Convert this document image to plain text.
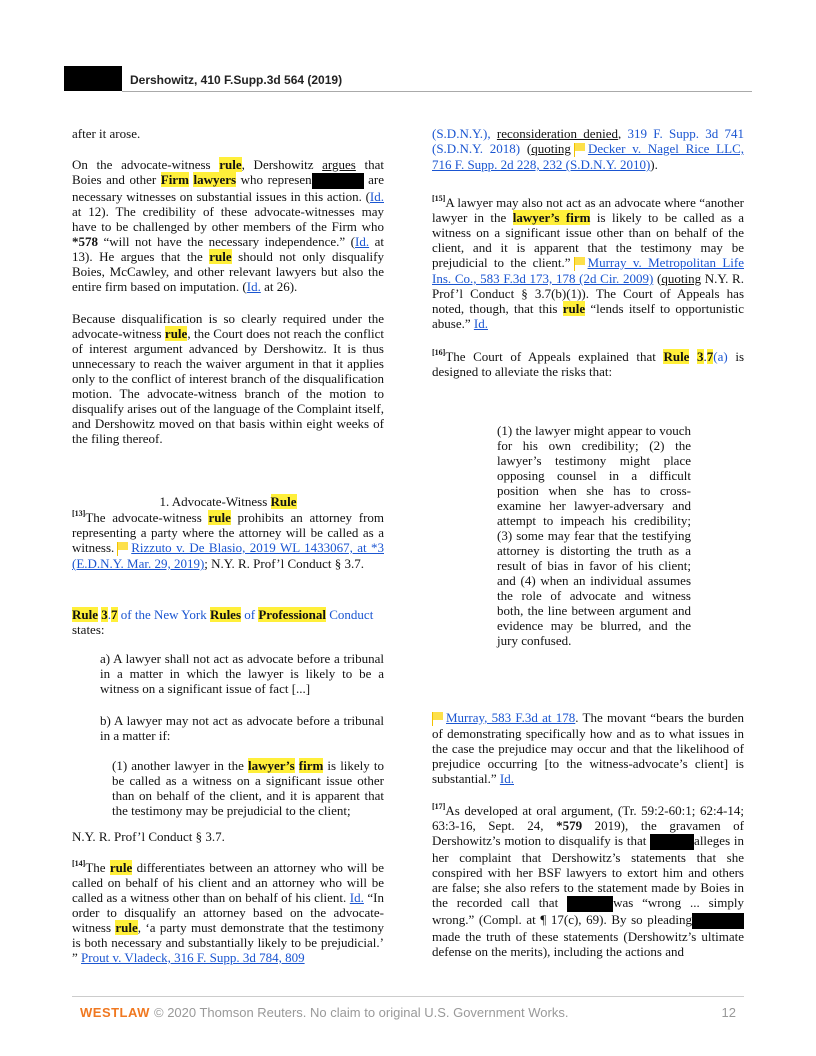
Dershowitz, 410 F.Supp.3d 564 (2019)

after it arose.

On the advocate-witness rule, Dershowitz argues that Boies and other Firm lawyers who represen	are necessary witnesses on substantial issues in this action. (Id. at 12). The credibility of these advocate-witnesses may have to be challenged by other members of the Firm who *578 “will not have the necessary independence.” (Id. at 13). He argues that the rule should not only disqualify Boies, McCawley, and other relevant lawyers but also the entire firm based on imputation. (Id. at 26).

Because disqualification is so clearly required under the advocate-witness rule, the Court does not reach the conflict of interest argument advanced by Dershowitz. It is thus unnecessary to reach the waiver argument in that it applies only to the conflict of interest branch of the disqualification motion. The advocate-witness branch of the motion to disqualify arises out of the language of the Complaint itself, and Dershowitz moved on that basis within eight weeks of the filing thereof.

1. Advocate-Witness Rule

[13]The advocate-witness rule prohibits an attorney from representing a party where the attorney will be called as a witness. Rizzuto v. De Blasio, 2019 WL 1433067, at *3 (E.D.N.Y. Mar. 29, 2019); N.Y. R. Prof’l Conduct § 3.7.

Rule 3.7 of the New York Rules of Professional Conduct
states:

a) A lawyer shall not act as advocate before a tribunal in a matter in which the lawyer is likely to be a witness on a significant issue of fact [...]

b) A lawyer may not act as advocate before a tribunal in a matter if:

(1) another lawyer in the lawyer’s firm is likely to be called as a witness on a significant issue other than on behalf of the client, and it is apparent that the testimony may be prejudicial to the client;

N.Y. R. Prof’l Conduct § 3.7.

[14]The rule differentiates between an attorney who will be called on behalf of his client and an attorney who will be called as a witness other than on behalf of his client. Id. “In order to disqualify an attorney based on the advocate-witness rule, ‘a party must demonstrate that the testimony is both necessary and substantially likely to be prejudicial.’ ” Prout v. Vladeck, 316 F. Supp. 3d 784, 809

(S.D.N.Y.), reconsideration denied, 319 F. Supp. 3d 741 (S.D.N.Y. 2018) (quoting Decker v. Nagel Rice LLC, 716 F. Supp. 2d 228, 232 (S.D.N.Y. 2010)).

[15]A lawyer may also not act as an advocate where “another lawyer in the lawyer’s firm is likely to be called as a witness on a significant issue other than on behalf of the client, and it is apparent that the testimony may be prejudicial to the client.” Murray v. Metropolitan Life Ins. Co., 583 F.3d 173, 178 (2d Cir. 2009) (quoting N.Y. R. Prof’l Conduct § 3.7(b)(1)). The Court of Appeals has noted, though, that this rule “lends itself to opportunistic abuse.” Id.

[16]The Court of Appeals explained that Rule 3.7(a) is designed to alleviate the risks that:

(1) the lawyer might appear to vouch for his own credibility; (2) the lawyer’s testimony might place opposing counsel in a difficult position when she has to cross-examine her lawyer-adversary and attempt to impeach his credibility; (3) some may fear that the testifying attorney is distorting the truth as a result of bias in favor of his client; and (4) when an individual assumes the role of advocate and witness both, the line between argument and evidence may be blurred, and the jury confused.

Murray, 583 F.3d at 178. The movant “bears the burden of demonstrating specifically how and as to what issues in the case the prejudice may occur and that the likelihood of prejudice occurring [to the witness-advocate’s client] is substantial.” Id.

[17]As developed at oral argument, (Tr. 59:2-60:1; 62:4-14; 63:3-16, Sept. 24, *579 2019), the gravamen of Dershowitz’s motion to disqualify is that	alleges in her complaint that Dershowitz’s statements that she conspired with her BSF lawyers to extort him and others are false; she also refers to the statement made by Boies in the recorded call that	was “wrong ... simply wrong.” (Compl. at ¶ 17(c), 69). By so pleading made the truth of these statements (Dershowitz’s ultimate defense on the merits), including the actions and

WESTLAW © 2020 Thomson Reuters. No claim to original U.S. Government Works.	12
